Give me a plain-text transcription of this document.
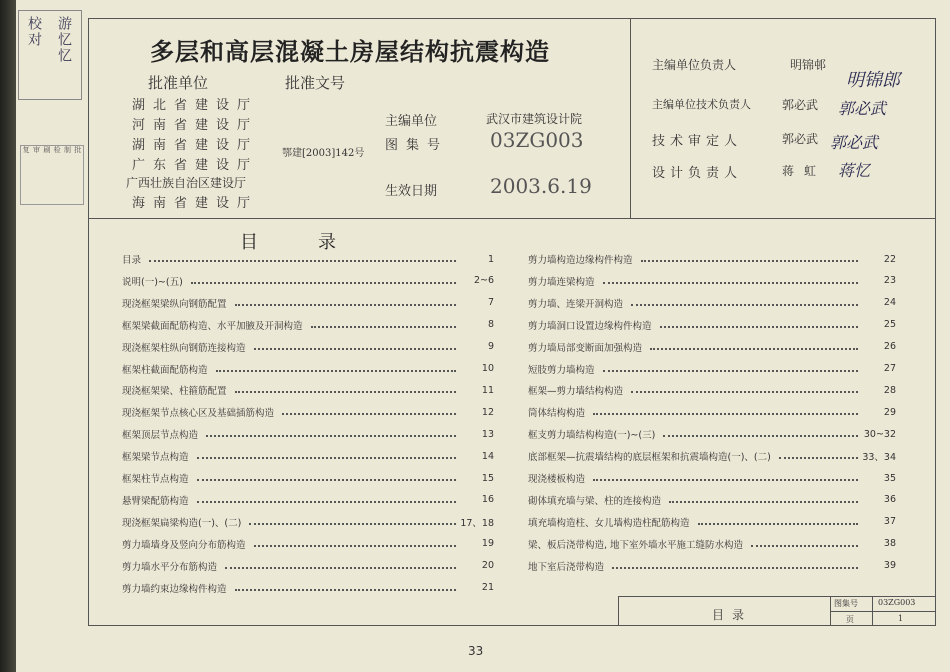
校对 游忆忆
复 审 刷 检 制 批
多层和高层混凝土房屋结构抗震构造
批准单位	批准文号
湖北省建设厅
河南省建设厅
湖南省建设厅
广东省建设厅
广西壮族自治区建设厅
海南省建设厅
鄂建[2003]142号
主编单位	武汉市建筑设计院
图集号 03ZG003
生效日期	2003.6.19
主编单位负责人	明锦邨
明锦郎
主编单位技术负责人	郭必武 郭必武
技术审定人	郭必武 郭必武
设计负责人	蒋虹 蒋忆
目录
目录	1
说明(一)~(五)	2~6
现浇框架梁纵向钢筋配置	7
框架梁截面配筋构造、水平加腋及开洞构造	8
现浇框架柱纵向钢筋连接构造	9
框架柱截面配筋构造	10
现浇框架梁、柱箍筋配置	11
现浇框架节点核心区及基础插筋构造	12
框架顶层节点构造	13
框架梁节点构造	14
框架柱节点构造	15
悬臂梁配筋构造	16
现浇框架扁梁构造(一)、(二)	17、18
剪力墙墙身及竖向分布筋构造	19
剪力墙水平分布筋构造	20
剪力墙约束边缘构件构造	21
剪力墙构造边缘构件构造	22
剪力墙连梁构造	23
剪力墙、连梁开洞构造	24
剪力墙洞口设置边缘构件构造	25
剪力墙局部变断面加强构造	26
短肢剪力墙构造	27
框架—剪力墙结构构造	28
筒体结构构造	29
框支剪力墙结构构造(一)~(三)	30~32
底部框架—抗震墙结构的底层框架和抗震墙构造(一)、(二)	33、34
现浇楼板构造	35
砌体填充墙与梁、柱的连接构造	36
填充墙构造柱、女儿墙构造柱配筋构造	37
梁、板后浇带构造, 地下室外墙水平施工缝防水构造	38
地下室后浇带构造	39
目录
图集号	03ZG003
页	1
33
